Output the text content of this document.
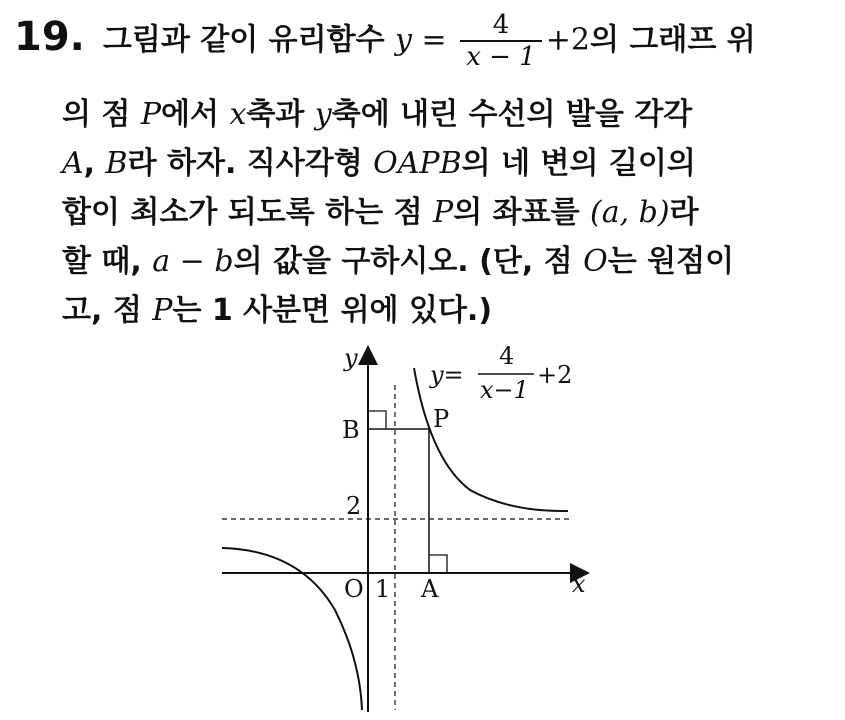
19. 그림과 같이 유리함수 $y = \frac{4}{x - 1} +2$의 그래프 위
의 점 P에서 x축과 y축에 내린 수선의 발을 각각
A, B라 하자. 직사각형 OAPB의 네 변의 길이의
합이 최소가 되도록 하는 점 P의 좌표를 (a, b)라
할 때, a − b의 값을 구하시오. (단, 점 O는 원점이
고, 점 P는 1 사분면 위에 있다.)
y
x
O 1 A
B	P
2
y=
4
x−1
+2
